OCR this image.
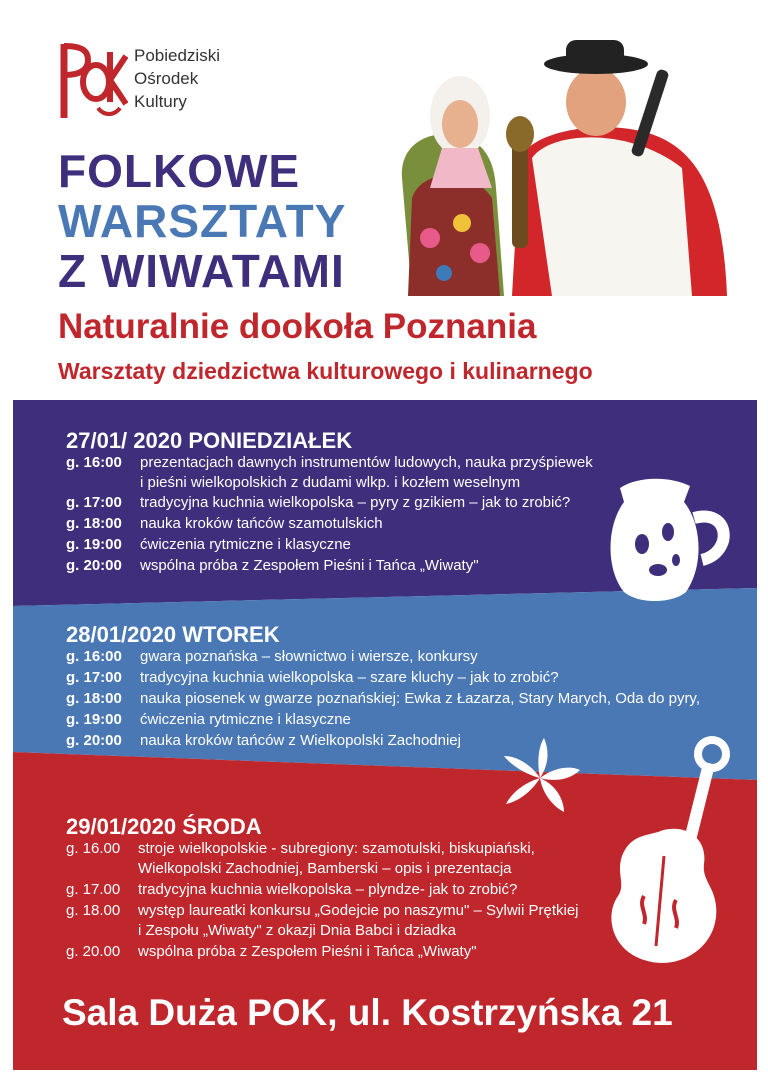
Pobiedziski
Ośrodek
Kultury
FOLKOWE
WARSZTATY
Z WIWATAMI
Naturalnie dookoła Poznania
Warsztaty dziedzictwa kulturowego i kulinarnego
27/01/ 2020 PONIEDZIAŁEK
g. 16:00 prezentacjach dawnych instrumentów ludowych, nauka przyśpiewek
i pieśni wielkopolskich z dudami wlkp. i kozłem weselnym
g. 17:00 tradycyjna kuchnia wielkopolska – pyry z gzikiem – jak to zrobić?
g. 18:00 nauka kroków tańców szamotulskich
g. 19:00 ćwiczenia rytmiczne i klasyczne
g. 20:00 wspólna próba z Zespołem Pieśni i Tańca „Wiwaty"
28/01/2020 WTOREK
g. 16:00 gwara poznańska – słownictwo i wiersze, konkursy
g. 17:00 tradycyjna kuchnia wielkopolska – szare kluchy – jak to zrobić?
g. 18:00 nauka piosenek w gwarze poznańskiej: Ewka z Łazarza, Stary Marych, Oda do pyry,
g. 19:00 ćwiczenia rytmiczne i klasyczne
g. 20:00 nauka kroków tańców z Wielkopolski Zachodniej
29/01/2020 ŚRODA
g. 16.00 stroje wielkopolskie - subregiony: szamotulski, biskupiański,
Wielkopolski Zachodniej, Bamberski – opis i prezentacja
g. 17.00 tradycyjna kuchnia wielkopolska – plyndze- jak to zrobić?
g. 18.00 występ laureatki konkursu „Godejcie po naszymu" – Sylwii Prętkiej
i Zespołu „Wiwaty" z okazji Dnia Babci i dziadka
g. 20.00 wspólna próba z Zespołem Pieśni i Tańca „Wiwaty"
Sala Duża POK, ul. Kostrzyńska 21
